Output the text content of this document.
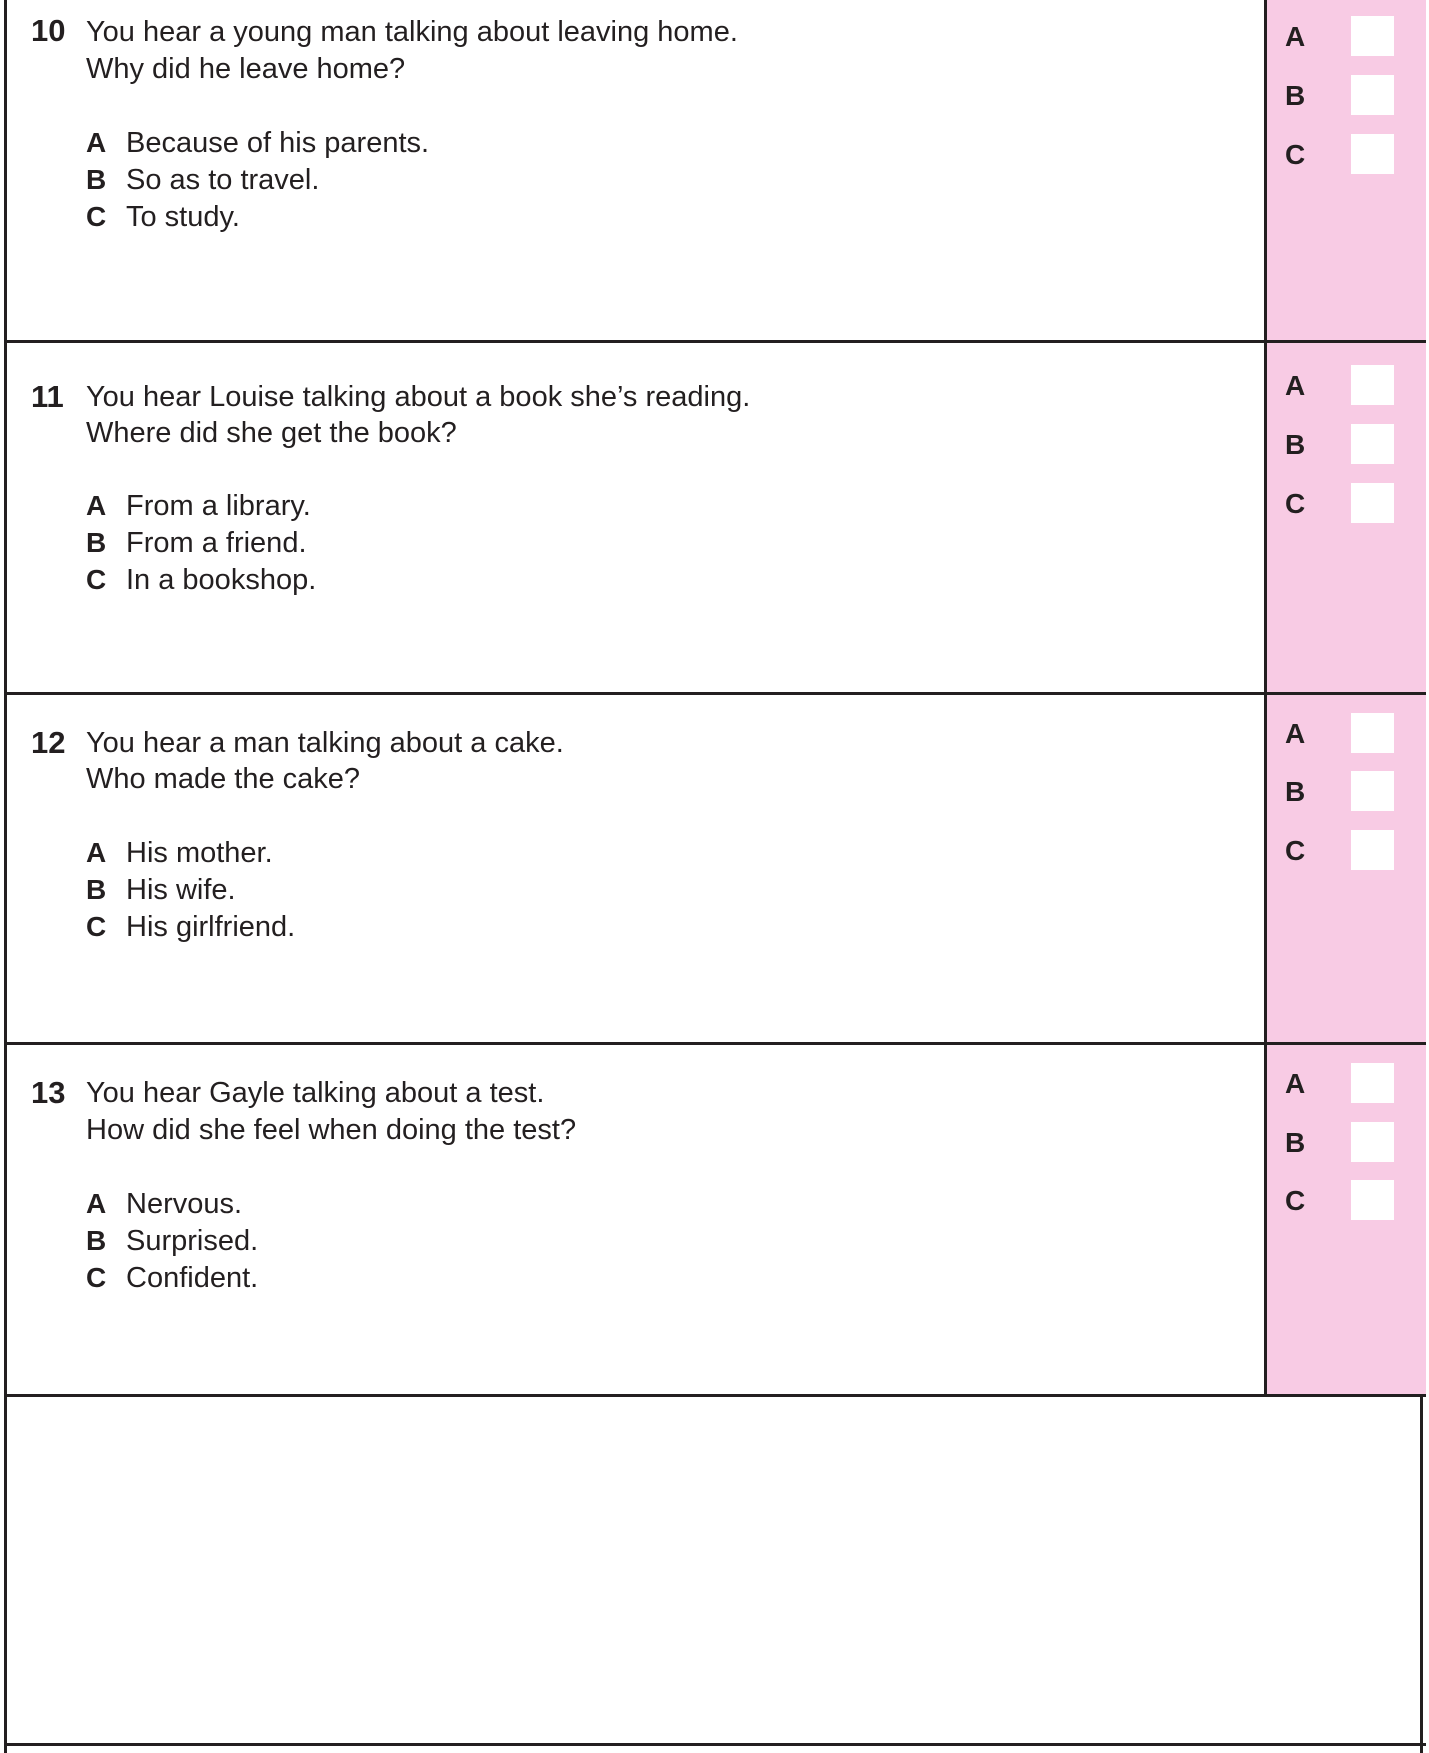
10 You hear a young man talking about leaving home.
Why did he leave home?
A Because of his parents.
B So as to travel.
C To study.
A
B
C
11 You hear Louise talking about a book she’s reading.
Where did she get the book?
A From a library.
B From a friend.
C In a bookshop.
A
B
C
12 You hear a man talking about a cake.
Who made the cake?
A His mother.
B His wife.
C His girlfriend.
A
B
C
13 You hear Gayle talking about a test.
How did she feel when doing the test?
A Nervous.
B Surprised.
C Confident.
A
B
C
